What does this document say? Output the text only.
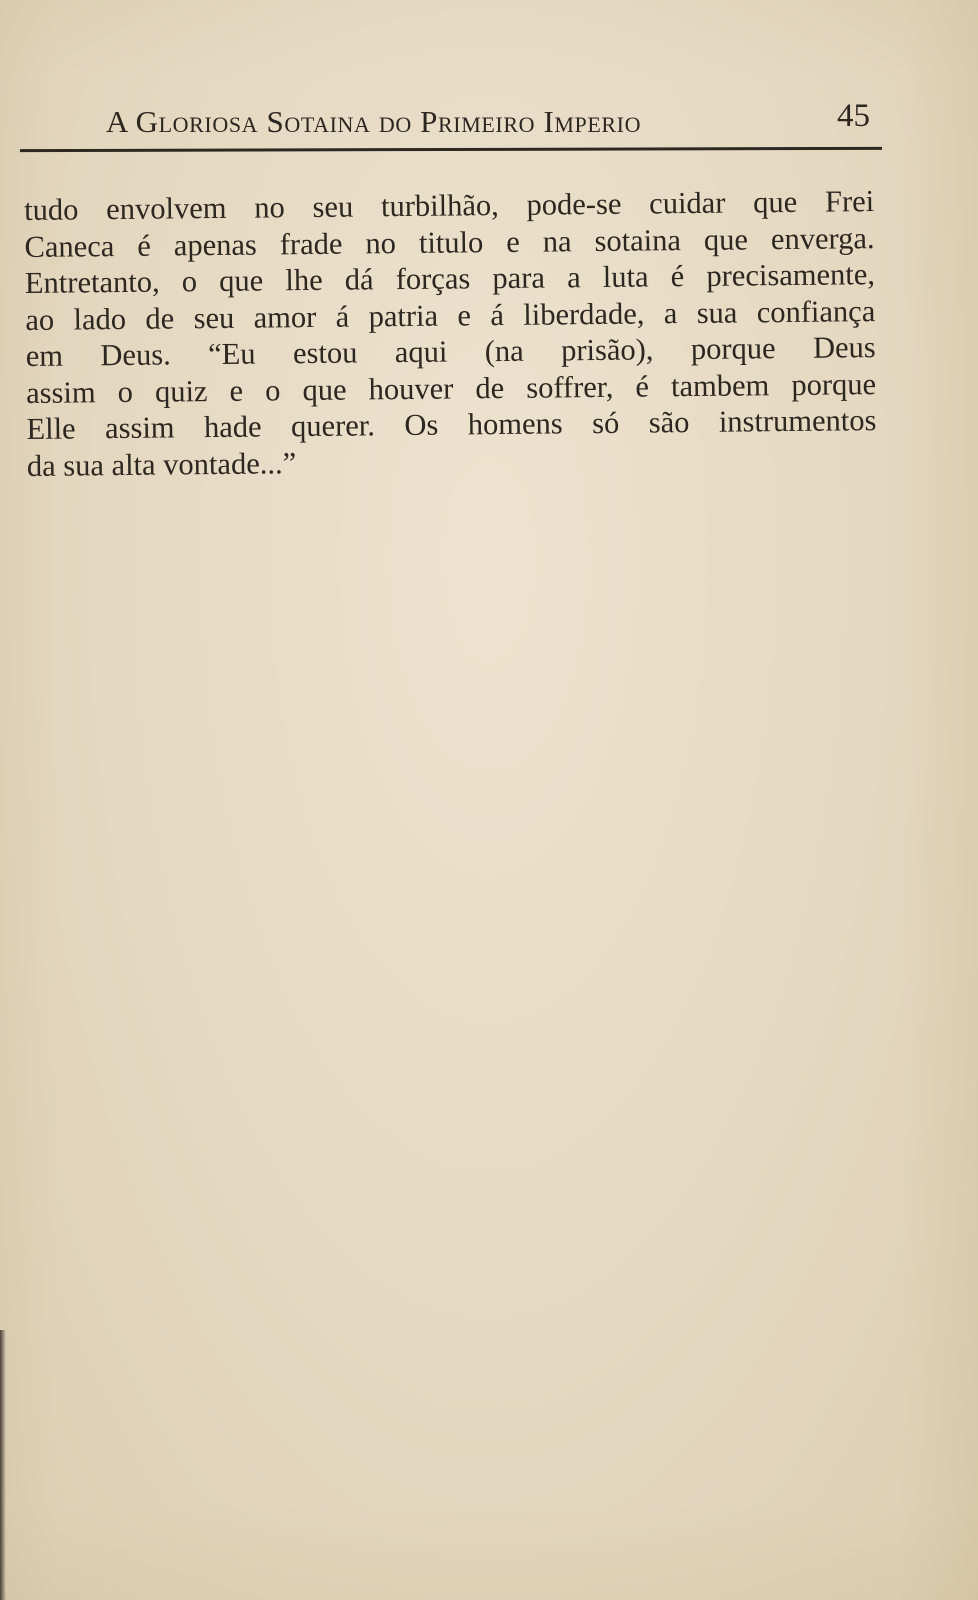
A Gloriosa Sotaina do Primeiro Imperio	45
tudo envolvem no seu turbilhão, pode-se cuidar que Frei
Caneca é apenas frade no titulo e na sotaina que enverga.
Entretanto, o que lhe dá forças para a luta é precisamente,
ao lado de seu amor á patria e á liberdade, a sua confiança
em Deus. “Eu estou aqui (na prisão), porque Deus
assim o quiz e o que houver de soffrer, é tambem porque
Elle assim hade querer. Os homens só são instrumentos
da sua alta vontade...”
